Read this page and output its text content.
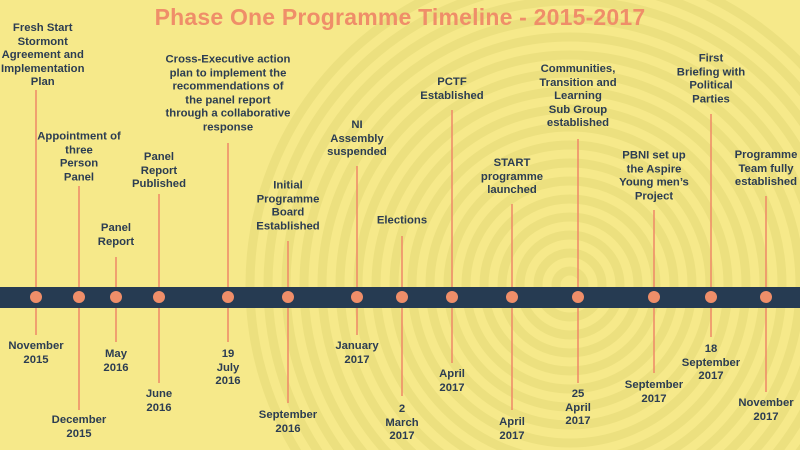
Phase One Programme Timeline - 2015-2017
Fresh Start
Stormont
Agreement and
Implementation
Plan
November
2015
Appointment of
three
Person
Panel
December
2015
Panel
Report
May
2016
Panel
Report
Published
June
2016
Cross-Executive action
plan to implement the
recommendations of
the panel report
through a collaborative
response
19
July
2016
Initial
Programme
Board
Established
September
2016
NI
Assembly
suspended
January
2017
Elections
2
March
2017
PCTF
Established
April
2017
START
programme
launched
April
2017
Communities,
Transition and
Learning
Sub Group
established
25
April
2017
PBNI set up
the Aspire
Young men’s
Project
September
2017
First
Briefing with
Political
Parties
18
September
2017
Programme
Team fully
established
November
2017
